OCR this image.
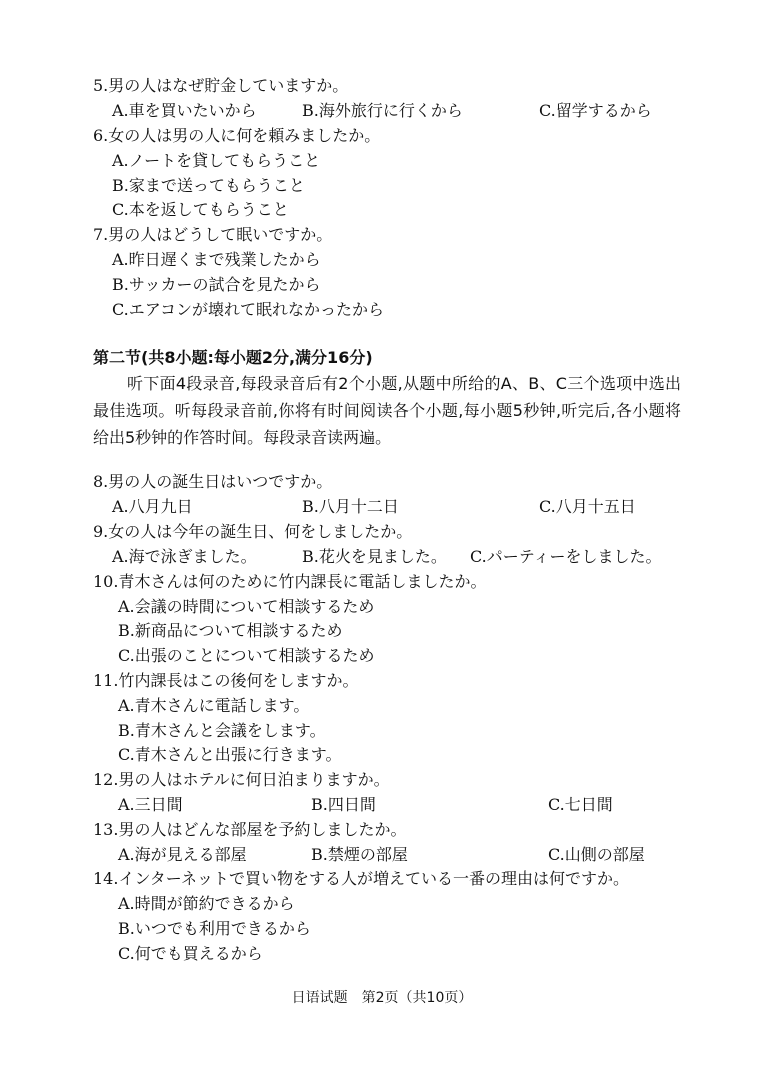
5.男の人はなぜ貯金していますか。
A.車を買いたいから	B.海外旅行に行くから	C.留学するから
6.女の人は男の人に何を頼みましたか。
A.ノートを貸してもらうこと
B.家まで送ってもらうこと
C.本を返してもらうこと
7.男の人はどうして眠いですか。
A.昨日遅くまで残業したから
B.サッカーの試合を見たから
C.エアコンが壊れて眠れなかったから
第二节(共8小题:每小题2分,满分16分)
听下面4段录音,每段录音后有2个小题,从题中所给的A、B、C三个选项中选出最佳选项。听每段录音前,你将有时间阅读各个小题,每小题5秒钟,听完后,各小题将给出5秒钟的作答时间。每段录音读两遍。
8.男の人の誕生日はいつですか。
A.八月九日	B.八月十二日	C.八月十五日
9.女の人は今年の誕生日、何をしましたか。
A.海で泳ぎました。	B.花火を見ました。 C.パーティーをしました。
10.青木さんは何のために竹内課長に電話しましたか。
A.会議の時間について相談するため
B.新商品について相談するため
C.出張のことについて相談するため
11.竹内課長はこの後何をしますか。
A.青木さんに電話します。
B.青木さんと会議をします。
C.青木さんと出張に行きます。
12.男の人はホテルに何日泊まりますか。
A.三日間	B.四日間	C.七日間
13.男の人はどんな部屋を予約しましたか。
A.海が見える部屋	B.禁煙の部屋	C.山側の部屋
14.インターネットで買い物をする人が増えている一番の理由は何ですか。
A.時間が節約できるから
B.いつでも利用できるから
C.何でも買えるから
日语试题　第2页（共10页）
